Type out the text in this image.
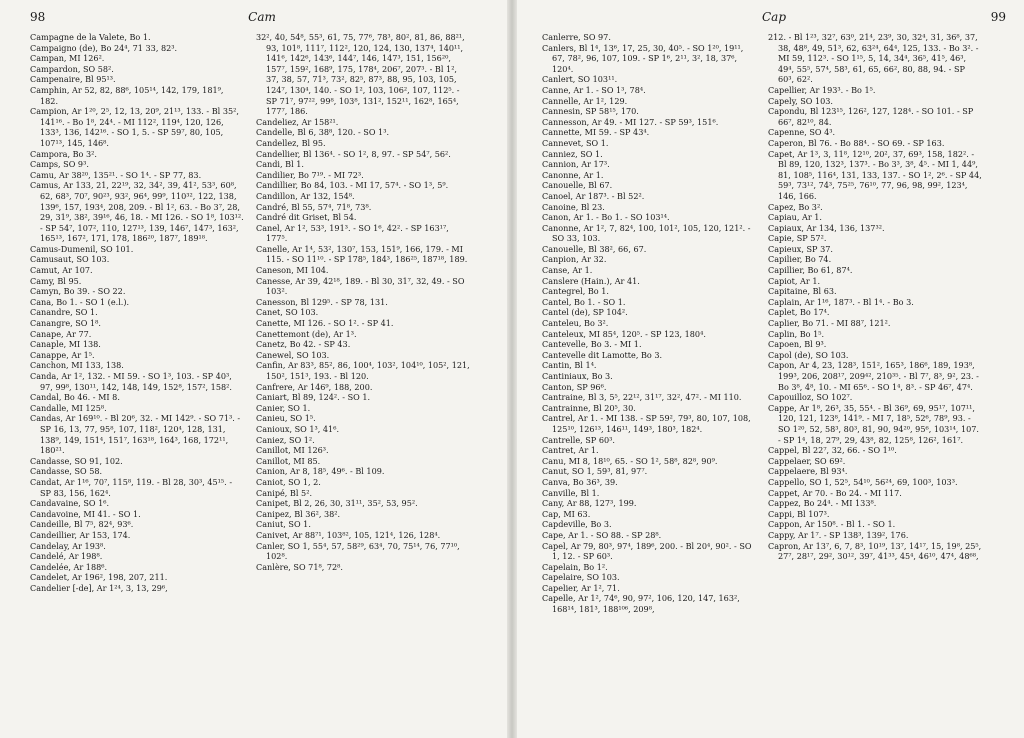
98	Cam

Campagne de la Valete, Bo 1.

Campaigno (de), Bo 24⁴, 71 33, 82³.

Campan, MI 126².

Campardon, SO 58².

Campenaire, Bl 95¹³.

Camphin, Ar 52, 82, 88⁶, 105¹⁴, 142, 179, 181⁹, 182.

Campion, Ar 1²⁰, 2⁵, 12, 13, 20⁹, 21¹³, 133. - Bl 35², 141¹⁶. - Bo 1⁸, 24⁴. - MI 112², 119⁴, 120, 126, 133³, 136, 142¹⁶. - SO 1, 5. - SP 59⁷, 80, 105, 107¹³, 145, 146⁸.

Campora, Bo 3².

Camps, SO 9³.

Camu, Ar 38²⁰, 135²¹. - SO 1⁴. - SP 77, 83.

Camus, Ar 133, 21, 22¹⁹, 32, 34², 39, 41², 53³, 60⁸, 62, 68³, 70⁷, 90²³, 93², 96⁴, 99⁹, 110³², 122, 138, 139⁶, 157, 193⁴, 208, 209. - Bl 1², 63. - Bo 3⁷, 28, 29, 31⁹, 38², 39¹⁶, 46, 18. - MI 126. - SO 1⁸, 103¹². - SP 54⁷, 107², 110, 127¹³, 139, 146⁷, 147³, 163², 165¹³, 167², 171, 178, 186²⁰, 187⁷, 189¹⁸.

Camus-Dumenil, SO 101.

Camusaut, SO 103.

Camut, Ar 107.

Camy, Bl 95.

Camyn, Bo 39. - SO 22.

Cana, Bo 1. - SO 1 (e.l.).

Canandre, SO 1.

Canangre, SO 1⁸.

Canape, Ar 77.

Canaple, MI 138.

Canappe, Ar 1⁵.

Canchon, MI 133, 138.

Canda, Ar 1², 132. - MI 59. - SO 1³, 103. - SP 40³, 97, 99⁸, 130¹¹, 142, 148, 149, 152⁸, 157², 158².

Candal, Bo 46. - MI 8.

Candalle, MI 125⁸.

Candas, Ar 169¹⁰. - Bl 20⁶, 32. - MI 142⁹. - SO 71³. - SP 16, 13, 77, 95⁸, 107, 118², 120⁴, 128, 131, 138⁹, 149, 151⁴, 151⁷, 163¹⁸, 164³, 168, 172¹¹, 180²¹.

Candasse, SO 91, 102.

Candasse, SO 58.

Candat, Ar 1¹⁶, 70⁷, 115⁸, 119. - Bl 28, 30³, 45¹⁵. - SP 83, 156, 162⁴.

Candavaine, SO 1⁶.

Candavoine, MI 41. - SO 1.

Candeille, Bl 7⁵, 82⁴, 93⁶.

Candeillier, Ar 153, 174.

Candelay, Ar 193⁸.

Candelé, Ar 198⁸.

Candelée, Ar 188⁶.

Candelet, Ar 196², 198, 207, 211.

Candelier [-de], Ar 1²⁴, 3, 13, 29⁶,

32², 40, 54⁸, 55³, 61, 75, 77⁶, 78³, 80², 81, 86, 88²¹, 93, 101⁸, 111⁷, 112², 120, 124, 130, 137⁴, 140¹¹, 141⁶, 142⁶, 143⁶, 144⁷, 146, 147³, 151, 156²⁰, 157⁷, 159², 168⁹, 175, 178⁴, 206⁷, 207³. - Bl 1², 37, 38, 57, 71³, 73², 82⁵, 87³, 88, 95, 103, 105, 124⁷, 130⁴, 140. - SO 1², 103, 106², 107, 112⁵. - SP 71⁷, 97²², 99⁸, 103⁸, 131², 152¹¹, 162⁸, 165⁴, 177⁷, 186.

Candeliez, Ar 158²¹.

Candelle, Bl 6, 38⁸, 120. - SO 1³.

Candellez, Bl 95.

Candellier, Bl 136⁴. - SO 1², 8, 97. - SP 54⁷, 56².

Candi, Bl 1.

Candilier, Bo 7¹⁹. - MI 72³.

Candillier, Bo 84, 103. - MI 17, 57⁴. - SO 1³, 5⁹.

Candillon, Ar 132, 154⁸.

Candré, Bl 55, 57⁴, 71⁸, 73⁸.

Candré dit Griset, Bl 54.

Canel, Ar 1², 53³, 191³. - SO 1⁶, 42². - SP 163¹⁷, 177⁵.

Canelle, Ar 1⁴, 53², 130⁷, 153, 151⁹, 166, 179. - MI 115. - SO 11¹⁰. - SP 178⁵, 184³, 186²⁵, 187¹⁸, 189.

Caneson, MI 104.

Canesse, Ar 39, 42¹⁸, 189. - Bl 30, 31⁷, 32, 49. - SO 103².

Canesson, Bl 129⁵. - SP 78, 131.

Canet, SO 103.

Canette, MI 126. - SO 1². - SP 41.

Canettemont (de), Ar 1³.

Canetz, Bo 42. - SP 43.

Canewel, SO 103.

Canfin, Ar 83³, 85², 86, 100⁴, 103², 104¹⁰, 105², 121, 150², 151³, 193. - Bl 120.

Canfrere, Ar 146⁹, 188, 200.

Caniart, Bl 89, 124². - SO 1.

Canier, SO 1.

Canieu, SO 1⁵.

Canioux, SO 1³, 41⁶.

Caniez, SO 1².

Canillot, MI 126³.

Canillot, MI 85.

Canion, Ar 8, 18⁵, 49⁶. - Bl 109.

Caniot, SO 1, 2.

Canipé, Bl 5².

Canipet, Bl 2, 26, 30, 31¹¹, 35², 53, 95².

Canipez, Bl 36², 38².

Caniut, SO 1.

Canivet, Ar 88⁷¹, 103⁸², 105, 121⁴, 126, 128⁴.

Canler, SO 1, 55⁴, 57, 58²⁹, 63⁴, 70, 75¹⁴, 76, 77¹⁰, 102⁸.

Canlère, SO 71⁸, 72⁸.

Cap	99

Canlerre, SO 97.

Canlers, Bl 1⁴, 13⁶, 17, 25, 30, 40⁵. - SO 1²⁰, 19¹¹, 67, 78², 96, 107, 109. - SP 1⁶, 2¹¹, 3², 18, 37⁶, 120⁴.

Canlert, SO 103¹¹.

Canne, Ar 1. - SO 1³, 78⁴.

Cannelle, Ar 1², 129.

Cannesin, SP 58¹⁵, 170.

Cannesson, Ar 49. - MI 127. - SP 59³, 151⁶.

Cannette, MI 59. - SP 43⁴.

Cannevet, SO 1.

Canniez, SO 1.

Cannion, Ar 17³.

Canonne, Ar 1.

Canouelle, Bl 67.

Canoel, Ar 187³. - Bl 52².

Canoine, Bl 23.

Canon, Ar 1. - Bo 1. - SO 103¹⁴.

Canonne, Ar 1², 7, 82⁴, 100, 101², 105, 120, 121². - SO 33, 103.

Canouelle, Bl 38², 66, 67.

Canpion, Ar 32.

Canse, Ar 1.

Canslere (Hain.), Ar 41.

Cantegrel, Bo 1.

Cantel, Bo 1. - SO 1.

Cantel (de), SP 104².

Canteleu, Bo 3².

Canteleux, MI 85⁴, 120⁵. - SP 123, 180⁴.

Cantevelle, Bo 3. - MI 1.

Cantevelle dit Lamotte, Bo 3.

Cantin, Bl 1⁴.

Cantiniaux, Bo 3.

Canton, SP 96⁶.

Cantraine, Bl 3, 5⁵, 22¹², 31¹⁷, 32², 47². - MI 110.

Cantrainne, Bl 20⁵, 30.

Cantrel, Ar 1. - MI 138. - SP 59², 79³, 80, 107, 108, 125¹⁰, 126¹³, 146¹¹, 149³, 180³, 182⁴.

Cantrelle, SP 60³.

Cantret, Ar 1.

Canu, MI 8, 18¹⁰, 65. - SO 1², 58⁸, 82⁸, 90⁹.

Canut, SO 1, 59³, 81, 97⁷.

Canva, Bo 36³, 39.

Canville, Bl 1.

Cany, Ar 88, 127³, 199.

Cap, MI 63.

Capdeville, Bo 3.

Cape, Ar 1. - SO 88. - SP 28⁸.

Capel, Ar 79, 80³, 97⁴, 189⁶, 200. - Bl 20⁴, 90². - SO 1, 12. - SP 60³.

Capelain, Bo 1².

Capelaire, SO 103.

Capelier, Ar 1², 71.

Capelle, Ar 1², 74⁶, 90, 97², 106, 120, 147, 163², 168¹⁴, 181³, 188¹⁰⁶, 209⁸,

212. - Bl 1²³, 32⁷, 63⁰, 21⁴, 23⁹, 30, 32⁴, 31, 36⁸, 37, 38, 48⁸, 49, 51³, 62, 63²⁴, 64⁴, 125, 133. - Bo 3². - MI 59, 112³. - SO 1¹⁵, 5, 14, 34⁴, 36⁵, 41⁵, 46³, 49⁴, 55⁵, 57⁴, 58³, 61, 65, 66², 80, 88, 94. - SP 60³, 62².

Capellier, Ar 193³. - Bo 1⁵.

Capely, SO 103.

Capondu, Bl 123¹⁵, 126², 127, 128⁴. - SO 101. - SP 66⁷, 82¹⁰, 84.

Capenne, SO 4³.

Caperon, Bl 76. - Bo 88⁴. - SO 69. - SP 163.

Capet, Ar 1³, 3, 11⁸, 12¹⁰, 20², 37, 69³, 158, 182². - Bl 89, 120, 132³, 137³. - Bo 3³, 3⁸, 4⁵. - MI 1, 44⁹, 81, 108⁵, 116⁴, 131, 133, 137. - SO 1², 2⁶. - SP 44, 59³, 73¹², 74³, 75²⁵, 76¹⁰, 77, 96, 98, 99², 123⁴, 146, 166.

Capez, Bo 3².

Capiau, Ar 1.

Capiaux, Ar 134, 136, 137³².

Capie, SP 57².

Capieux, SP 37.

Capilier, Bo 74.

Capillier, Bo 61, 87⁴.

Capiot, Ar 1.

Capitaine, Bl 63.

Caplain, Ar 1¹⁶, 187³. - Bl 1⁴. - Bo 3.

Caplet, Bo 17⁴.

Caplier, Bo 71. - MI 88⁷, 121².

Caplin, Bo 1⁵.

Capoen, Bl 9³.

Capol (de), SO 103.

Capon, Ar 4, 23, 128³, 151², 165³, 186⁶, 189, 193⁸, 199³, 206, 208¹⁷, 209⁴², 210³⁵. - Bl 7⁷, 8³, 9², 23. - Bo 3⁸, 4⁸, 10. - MI 65⁶. - SO 1⁴, 8³. - SP 46⁷, 47⁴.

Capouilloz, SO 102⁷.

Cappe, Ar 1⁸, 26³, 35, 55⁴. - Bl 36⁹, 69, 95¹⁷, 107¹¹, 120, 121, 123⁸, 141⁹. - MI 7, 18⁵, 52⁶, 78⁹, 93. - SO 1²⁰, 52, 58³, 80³, 81, 90, 94²⁰, 95⁶, 103¹⁴, 107. - SP 1⁴, 18, 27⁹, 29, 43⁸, 82, 125⁸, 126², 161⁷.

Cappel, Bl 22⁷, 32, 66. - SO 1¹⁰.

Cappelaer, SO 69².

Cappelaere, Bl 93⁴.

Cappello, SO 1, 52⁵, 54¹⁰, 56²⁴, 69, 100³, 103³.

Cappet, Ar 70. - Bo 24. - MI 117.

Cappez, Bo 24⁴. - MI 133⁸.

Cappi, Bl 107³.

Cappon, Ar 150⁸. - Bl 1. - SO 1.

Cappy, Ar 1⁷. - SP 138³, 139², 176.

Capron, Ar 13⁷, 6, 7, 8³, 10¹⁹, 13⁷, 14¹⁷, 15, 19⁸, 25⁵, 27⁷, 28¹⁷, 29², 30¹², 39⁷, 41³³, 45⁴, 46¹⁰, 47⁴, 48⁶⁸,
